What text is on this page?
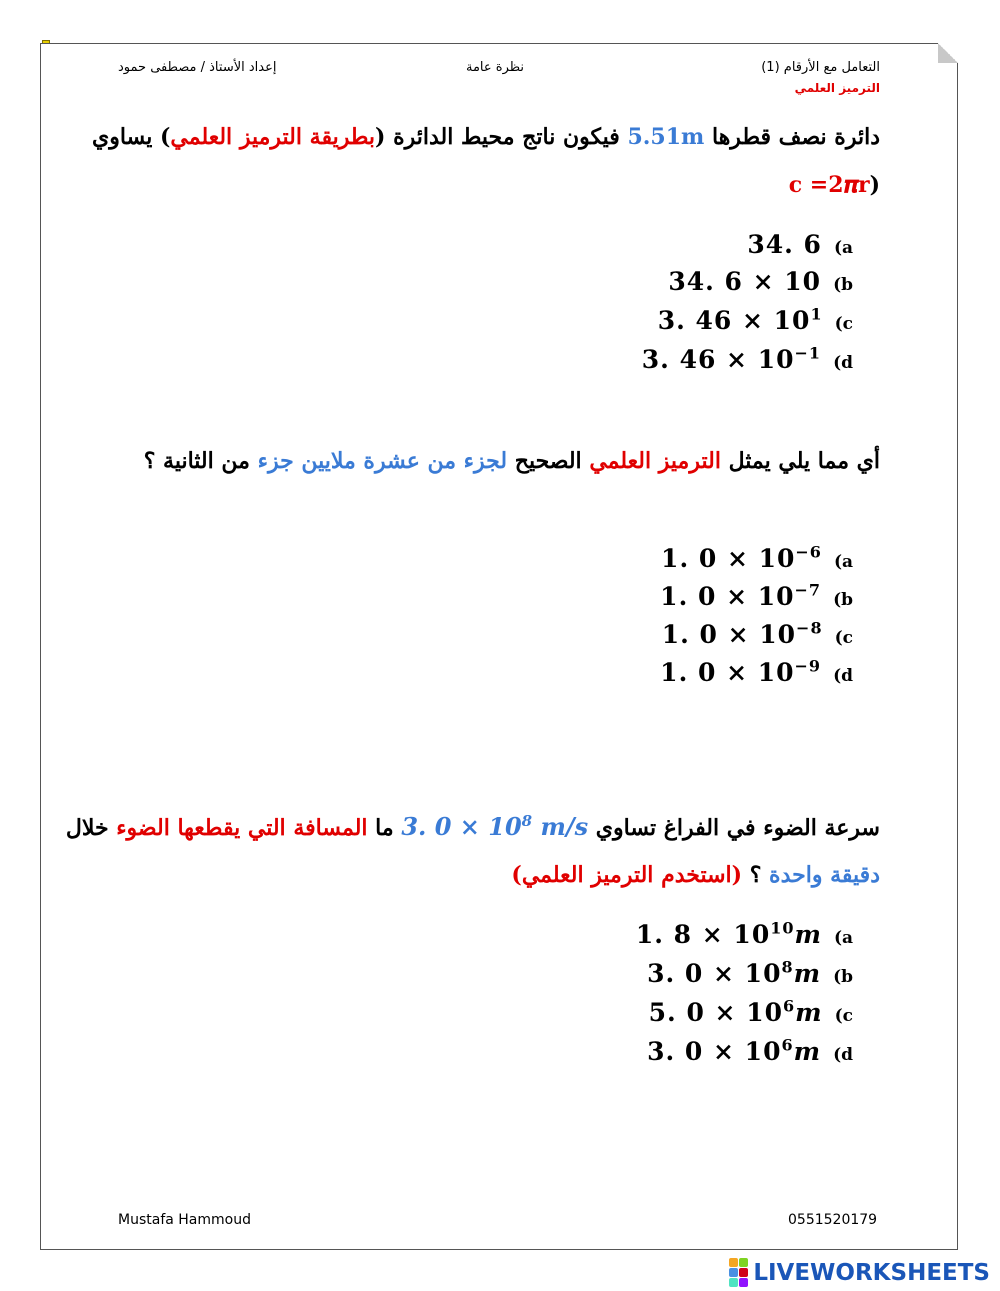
التعامل مع الأرقام (1)
الترميز العلمي
نظرة عامة
إعداد الأستاذ / مصطفى حمود
دائرة نصف قطرها 5.51m فيكون ناتج محيط الدائرة (بطريقة الترميز العلمي) يساوي
(c =2𝝅r
34. 6 (a
34. 6 × 10 (b
3. $46 \times 10^1$ (c
3. $46 \times 10^{-1}$ (d
أي مما يلي يمثل الترميز العلمي الصحيح لجزء من عشرة ملايين جزء من الثانية ؟
1. $0 \times 10^{-6}$ (a
1. $0 \times 10^{-7}$ (b
1. $0 \times 10^{-8}$ (c
1. $0 \times 10^{-9}$ (d
سرعة الضوء في الفراغ تساوي 3. $0 \times 10^8$ m/s ما المسافة التي يقطعها الضوء خلال
دقيقة واحدة ؟ (استخدم الترميز العلمي)
1. $8 \times 10^{10}m$ (a
3. $0 \times 10^8m$ (b
5. $0 \times 10^6m$ (c
3. $0 \times 10^6m$ (d
Mustafa Hammoud	0551520179
LIVEWORKSHEETS
